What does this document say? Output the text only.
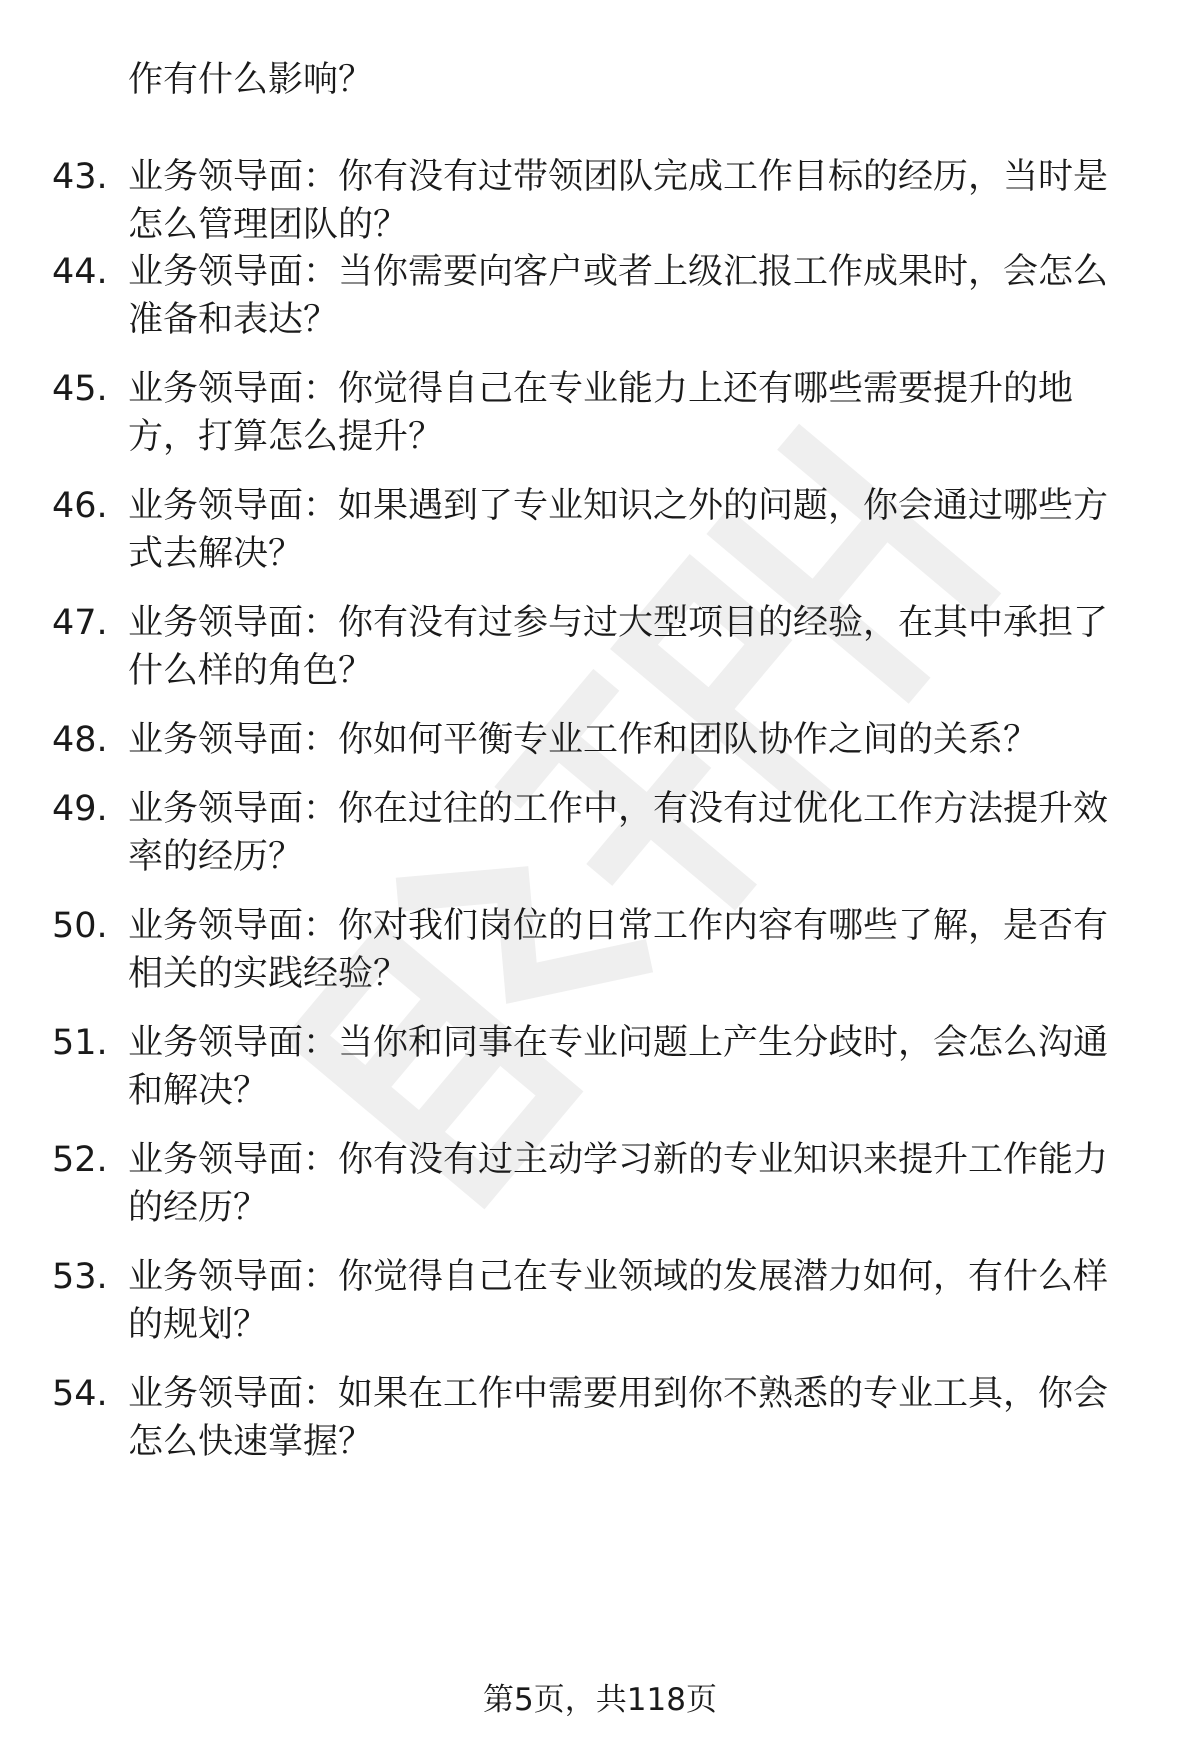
作有什么影响？
43. 业务领导面：你有没有过带领团队完成工作目标的经历，当时是
怎么管理团队的？
44. 业务领导面：当你需要向客户或者上级汇报工作成果时，会怎么
准备和表达？
45. 业务领导面：你觉得自己在专业能力上还有哪些需要提升的地
方，打算怎么提升？
46. 业务领导面：如果遇到了专业知识之外的问题，你会通过哪些方
式去解决？
47. 业务领导面：你有没有过参与过大型项目的经验，在其中承担了
什么样的角色？
48. 业务领导面：你如何平衡专业工作和团队协作之间的关系？
49. 业务领导面：你在过往的工作中，有没有过优化工作方法提升效
率的经历？
50. 业务领导面：你对我们岗位的日常工作内容有哪些了解，是否有
相关的实践经验？
51. 业务领导面：当你和同事在专业问题上产生分歧时，会怎么沟通
和解决？
52. 业务领导面：你有没有过主动学习新的专业知识来提升工作能力
的经历？
53. 业务领导面：你觉得自己在专业领域的发展潜力如何，有什么样
的规划？
54. 业务领导面：如果在工作中需要用到你不熟悉的专业工具，你会
怎么快速掌握？
第5页，共118页
